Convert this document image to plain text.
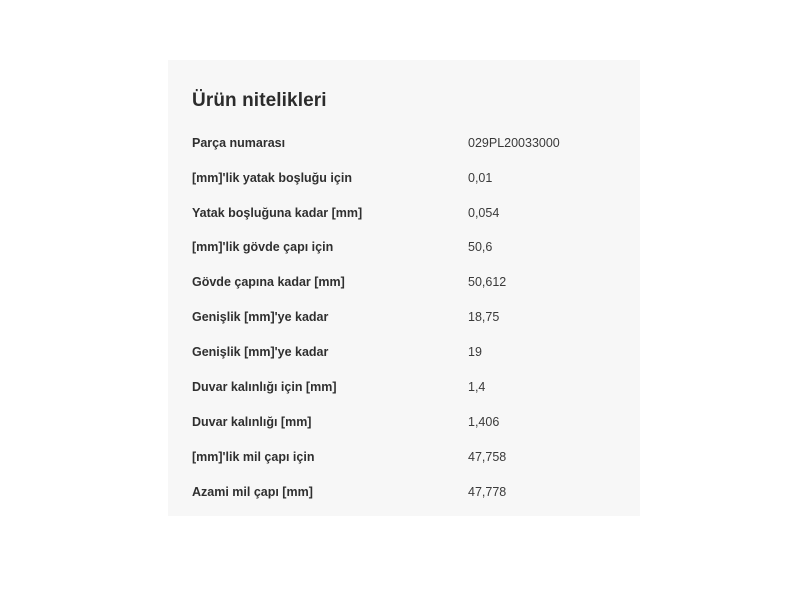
Ürün nitelikleri
Parça numarası	029PL20033000
[mm]'lik yatak boşluğu için	0,01
Yatak boşluğuna kadar [mm]	0,054
[mm]'lik gövde çapı için	50,6
Gövde çapına kadar [mm]	50,612
Genişlik [mm]'ye kadar	18,75
Genişlik [mm]'ye kadar	19
Duvar kalınlığı için [mm]	1,4
Duvar kalınlığı [mm]	1,406
[mm]'lik mil çapı için	47,758
Azami mil çapı [mm]	47,778
